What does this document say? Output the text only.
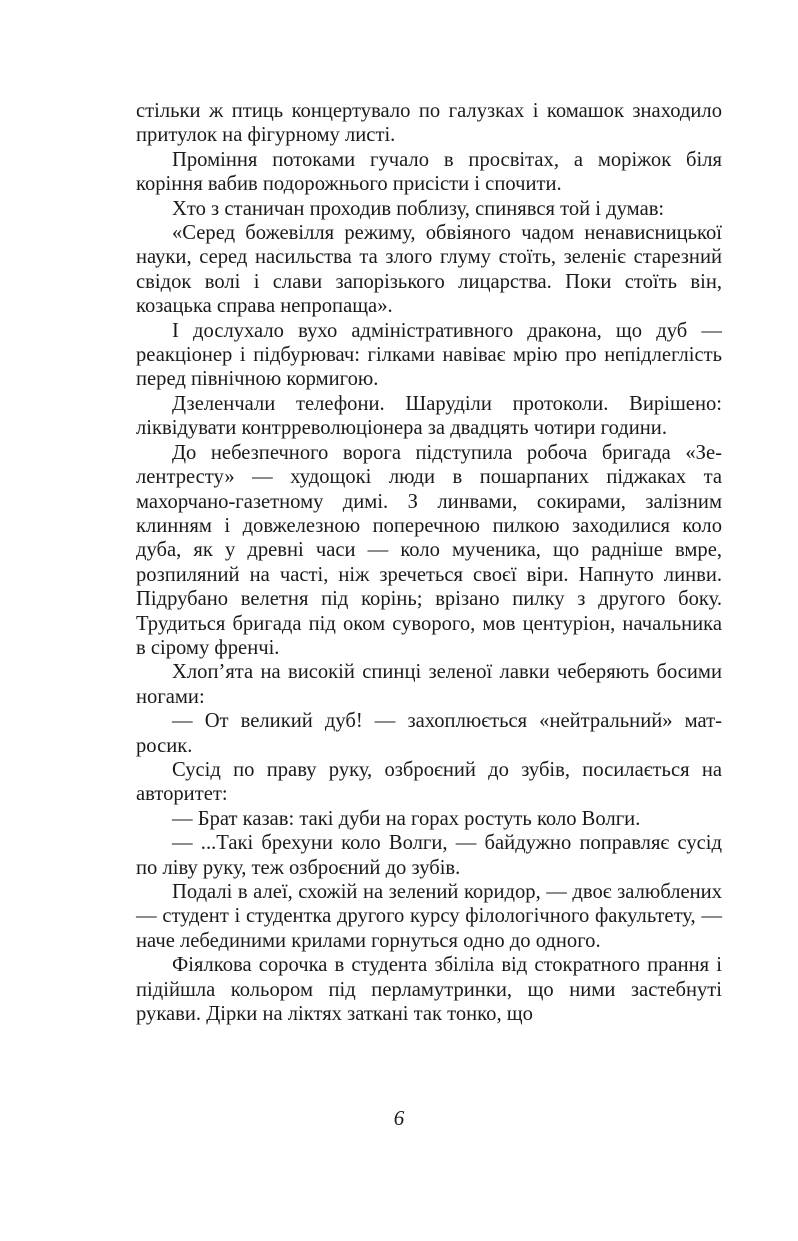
стільки ж птиць концертувало по галузках і комашок знаходило притулок на фігурному листі.

Проміння потоками гучало в просвітах, а моріжок біля коріння вабив подорожнього присісти і спочити.

Хто з станичан проходив поблизу, спинявся той і думав:

«Серед божевілля режиму, обвіяного чадом ненависницької науки, серед насильства та злого глуму стоїть, зеленіє старезний свідок волі і слави запорізького лицарства. Поки стоїть він, козацька справа непропаща».

І дослухало вухо адміністративного дракона, що дуб — реакціонер і підбурювач: гілками навіває мрію про непідлеглість перед північною кормигою.

Дзеленчали телефони. Шаруділи протоколи. Вирішено: ліквідувати контрреволюціонера за двадцять чотири години.

До небезпечного ворога підступила робоча бригада «Зелентресту» — худощокі люди в пошарпаних піджаках та махорчано-газетному димі. З линвами, сокирами, залізним клинням і довжелезною поперечною пилкою заходилися коло дуба, як у древні часи — коло мученика, що радніше вмре, розпиляний на часті, ніж зречеться своєї віри. Напнуто линви. Підрубано велетня під корінь; врізано пилку з другого боку. Трудиться бригада під оком суворого, мов центуріон, начальника в сірому френчі.

Хлоп’ята на високій спинці зеленої лавки чеберяють босими ногами:

— От великий дуб! — захоплюється «нейтральний» матросик.

Сусід по праву руку, озброєний до зубів, посилається на авторитет:

— Брат казав: такі дуби на горах ростуть коло Волги.

— ...Такі брехуни коло Волги, — байдужно поправляє сусід по ліву руку, теж озброєний до зубів.

Подалі в алеї, схожій на зелений коридор, — двоє залюблених — студент і студентка другого курсу філологічного факультету, — наче лебединими крилами горнуться одно до одного.

Фіялкова сорочка в студента збіліла від стократного прання і підійшла кольором під перламутринки, що ними застебнуті рукави. Дірки на ліктях заткані так тонко, що

6
